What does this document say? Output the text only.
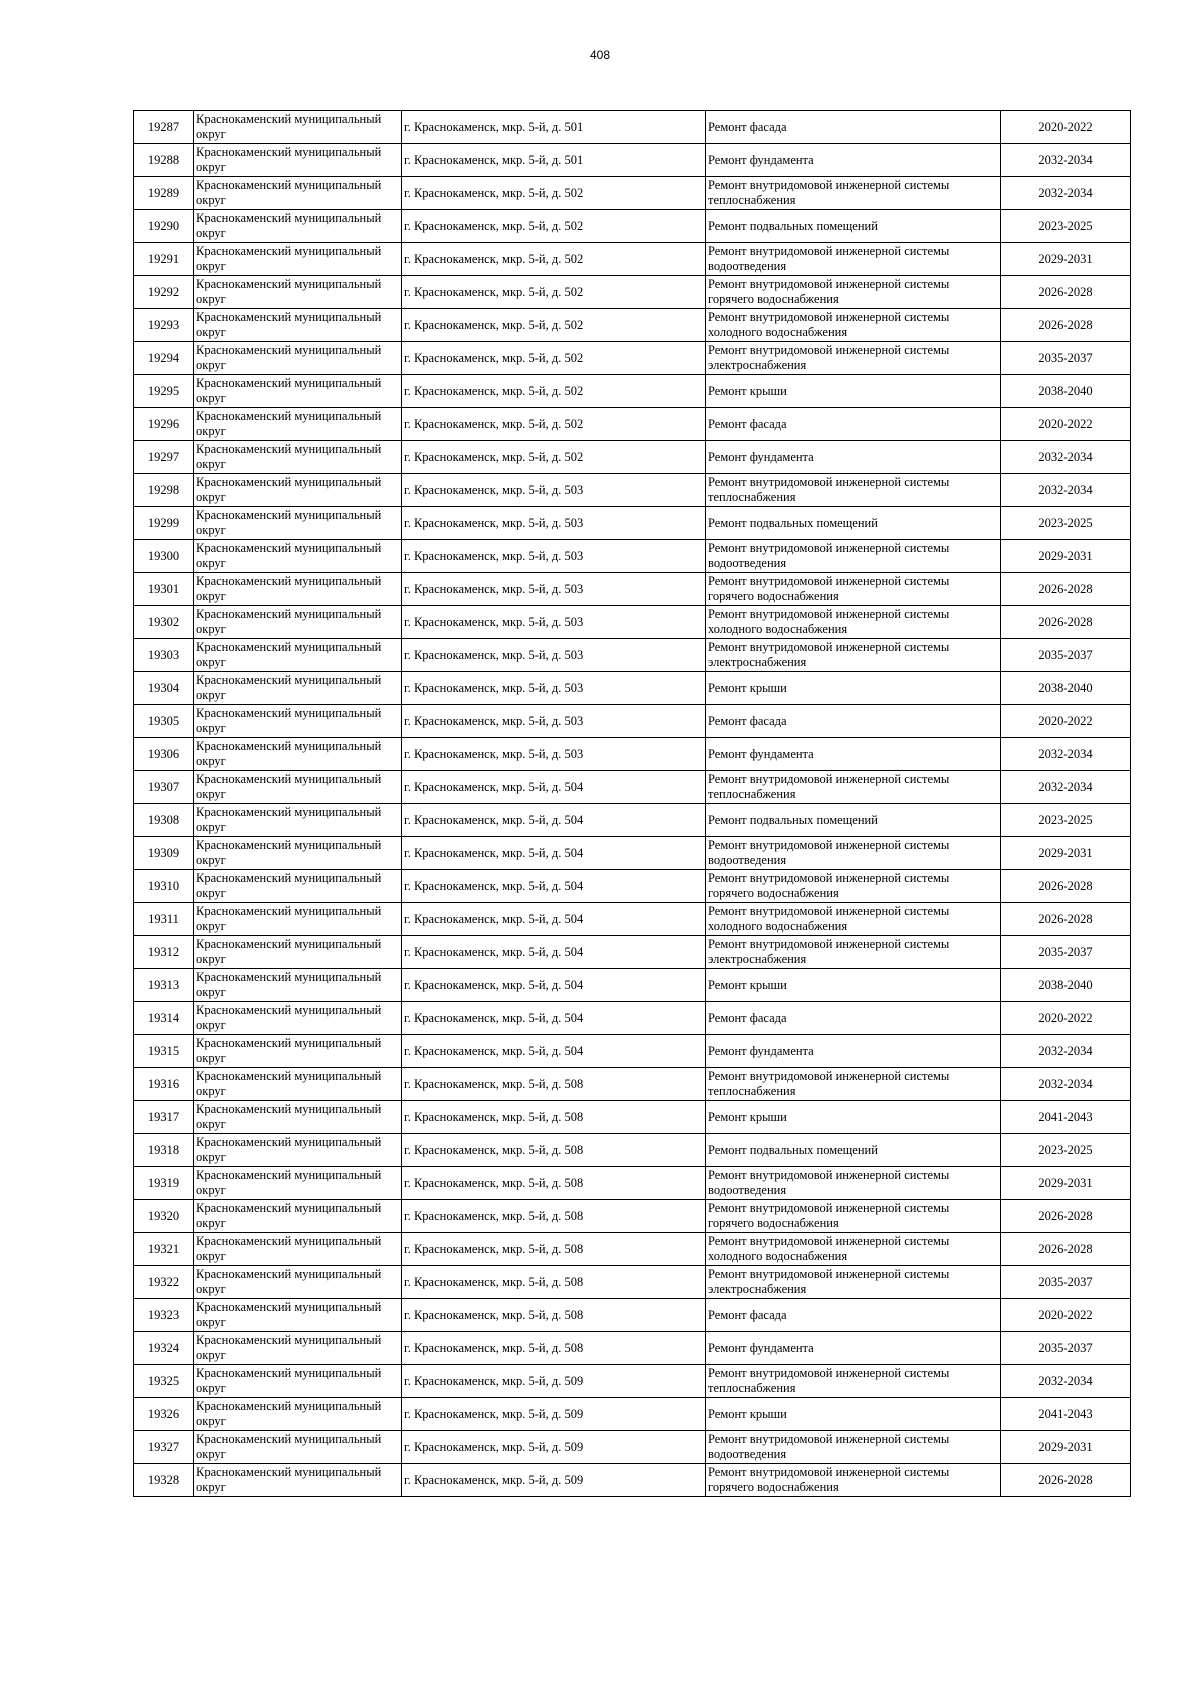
408
19287	Краснокаменский муниципальный округ	г. Краснокаменск, мкр. 5-й, д. 501	Ремонт фасада	2020-2022

19288	Краснокаменский муниципальный округ	г. Краснокаменск, мкр. 5-й, д. 501	Ремонт фундамента	2032-2034

19289	Краснокаменский муниципальный округ	г. Краснокаменск, мкр. 5-й, д. 502	Ремонт внутридомовой инженерной системы теплоснабжения	2032-2034

19290	Краснокаменский муниципальный округ	г. Краснокаменск, мкр. 5-й, д. 502	Ремонт подвальных помещений	2023-2025

19291	Краснокаменский муниципальный округ	г. Краснокаменск, мкр. 5-й, д. 502	Ремонт внутридомовой инженерной системы водоотведения	2029-2031

19292	Краснокаменский муниципальный округ	г. Краснокаменск, мкр. 5-й, д. 502	Ремонт внутридомовой инженерной системы горячего водоснабжения	2026-2028

19293	Краснокаменский муниципальный округ	г. Краснокаменск, мкр. 5-й, д. 502	Ремонт внутридомовой инженерной системы холодного водоснабжения	2026-2028

19294	Краснокаменский муниципальный округ	г. Краснокаменск, мкр. 5-й, д. 502	Ремонт внутридомовой инженерной системы электроснабжения	2035-2037

19295	Краснокаменский муниципальный округ	г. Краснокаменск, мкр. 5-й, д. 502	Ремонт крыши	2038-2040

19296	Краснокаменский муниципальный округ	г. Краснокаменск, мкр. 5-й, д. 502	Ремонт фасада	2020-2022

19297	Краснокаменский муниципальный округ	г. Краснокаменск, мкр. 5-й, д. 502	Ремонт фундамента	2032-2034

19298	Краснокаменский муниципальный округ	г. Краснокаменск, мкр. 5-й, д. 503	Ремонт внутридомовой инженерной системы теплоснабжения	2032-2034

19299	Краснокаменский муниципальный округ	г. Краснокаменск, мкр. 5-й, д. 503	Ремонт подвальных помещений	2023-2025

19300	Краснокаменский муниципальный округ	г. Краснокаменск, мкр. 5-й, д. 503	Ремонт внутридомовой инженерной системы водоотведения	2029-2031

19301	Краснокаменский муниципальный округ	г. Краснокаменск, мкр. 5-й, д. 503	Ремонт внутридомовой инженерной системы горячего водоснабжения	2026-2028

19302	Краснокаменский муниципальный округ	г. Краснокаменск, мкр. 5-й, д. 503	Ремонт внутридомовой инженерной системы холодного водоснабжения	2026-2028

19303	Краснокаменский муниципальный округ	г. Краснокаменск, мкр. 5-й, д. 503	Ремонт внутридомовой инженерной системы электроснабжения	2035-2037

19304	Краснокаменский муниципальный округ	г. Краснокаменск, мкр. 5-й, д. 503	Ремонт крыши	2038-2040

19305	Краснокаменский муниципальный округ	г. Краснокаменск, мкр. 5-й, д. 503	Ремонт фасада	2020-2022

19306	Краснокаменский муниципальный округ	г. Краснокаменск, мкр. 5-й, д. 503	Ремонт фундамента	2032-2034

19307	Краснокаменский муниципальный округ	г. Краснокаменск, мкр. 5-й, д. 504	Ремонт внутридомовой инженерной системы теплоснабжения	2032-2034

19308	Краснокаменский муниципальный округ	г. Краснокаменск, мкр. 5-й, д. 504	Ремонт подвальных помещений	2023-2025

19309	Краснокаменский муниципальный округ	г. Краснокаменск, мкр. 5-й, д. 504	Ремонт внутридомовой инженерной системы водоотведения	2029-2031

19310	Краснокаменский муниципальный округ	г. Краснокаменск, мкр. 5-й, д. 504	Ремонт внутридомовой инженерной системы горячего водоснабжения	2026-2028

19311	Краснокаменский муниципальный округ	г. Краснокаменск, мкр. 5-й, д. 504	Ремонт внутридомовой инженерной системы холодного водоснабжения	2026-2028

19312	Краснокаменский муниципальный округ	г. Краснокаменск, мкр. 5-й, д. 504	Ремонт внутридомовой инженерной системы электроснабжения	2035-2037

19313	Краснокаменский муниципальный округ	г. Краснокаменск, мкр. 5-й, д. 504	Ремонт крыши	2038-2040

19314	Краснокаменский муниципальный округ	г. Краснокаменск, мкр. 5-й, д. 504	Ремонт фасада	2020-2022

19315	Краснокаменский муниципальный округ	г. Краснокаменск, мкр. 5-й, д. 504	Ремонт фундамента	2032-2034

19316	Краснокаменский муниципальный округ	г. Краснокаменск, мкр. 5-й, д. 508	Ремонт внутридомовой инженерной системы теплоснабжения	2032-2034

19317	Краснокаменский муниципальный округ	г. Краснокаменск, мкр. 5-й, д. 508	Ремонт крыши	2041-2043

19318	Краснокаменский муниципальный округ	г. Краснокаменск, мкр. 5-й, д. 508	Ремонт подвальных помещений	2023-2025

19319	Краснокаменский муниципальный округ	г. Краснокаменск, мкр. 5-й, д. 508	Ремонт внутридомовой инженерной системы водоотведения	2029-2031

19320	Краснокаменский муниципальный округ	г. Краснокаменск, мкр. 5-й, д. 508	Ремонт внутридомовой инженерной системы горячего водоснабжения	2026-2028

19321	Краснокаменский муниципальный округ	г. Краснокаменск, мкр. 5-й, д. 508	Ремонт внутридомовой инженерной системы холодного водоснабжения	2026-2028

19322	Краснокаменский муниципальный округ	г. Краснокаменск, мкр. 5-й, д. 508	Ремонт внутридомовой инженерной системы электроснабжения	2035-2037

19323	Краснокаменский муниципальный округ	г. Краснокаменск, мкр. 5-й, д. 508	Ремонт фасада	2020-2022

19324	Краснокаменский муниципальный округ	г. Краснокаменск, мкр. 5-й, д. 508	Ремонт фундамента	2035-2037

19325	Краснокаменский муниципальный округ	г. Краснокаменск, мкр. 5-й, д. 509	Ремонт внутридомовой инженерной системы теплоснабжения	2032-2034

19326	Краснокаменский муниципальный округ	г. Краснокаменск, мкр. 5-й, д. 509	Ремонт крыши	2041-2043

19327	Краснокаменский муниципальный округ	г. Краснокаменск, мкр. 5-й, д. 509	Ремонт внутридомовой инженерной системы водоотведения	2029-2031

19328	Краснокаменский муниципальный округ	г. Краснокаменск, мкр. 5-й, д. 509	Ремонт внутридомовой инженерной системы горячего водоснабжения	2026-2028
